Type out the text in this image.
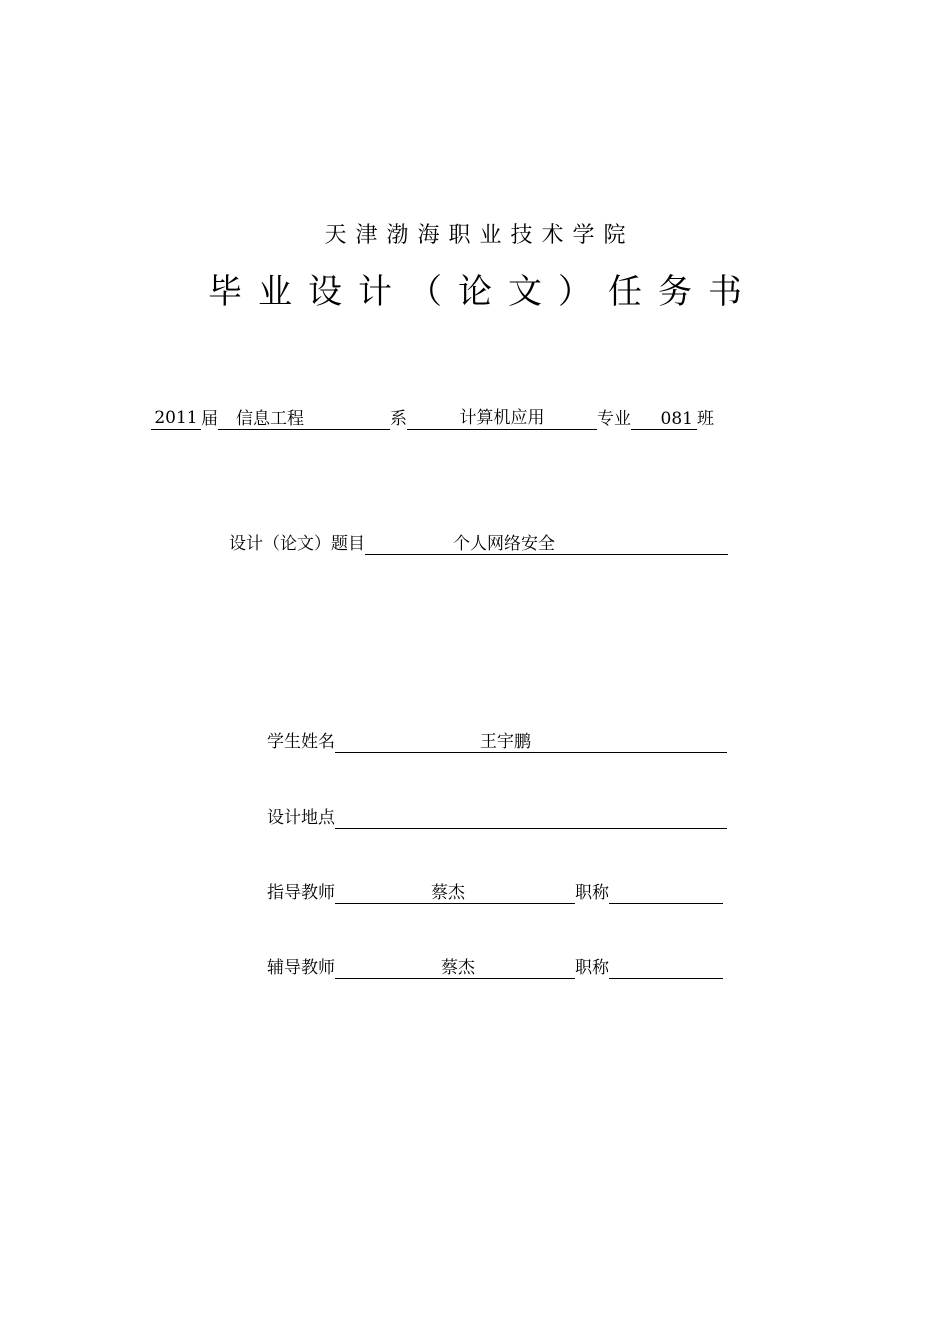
天津渤海职业技术学院
毕业设计（论文）任务书
2011 届	信息工程	系	计算机应用	专业	081 班
设计（论文）题目	个人网络安全
学生姓名	王宇鹏
设计地点
指导教师	蔡杰	职称
辅导教师	蔡杰	职称
